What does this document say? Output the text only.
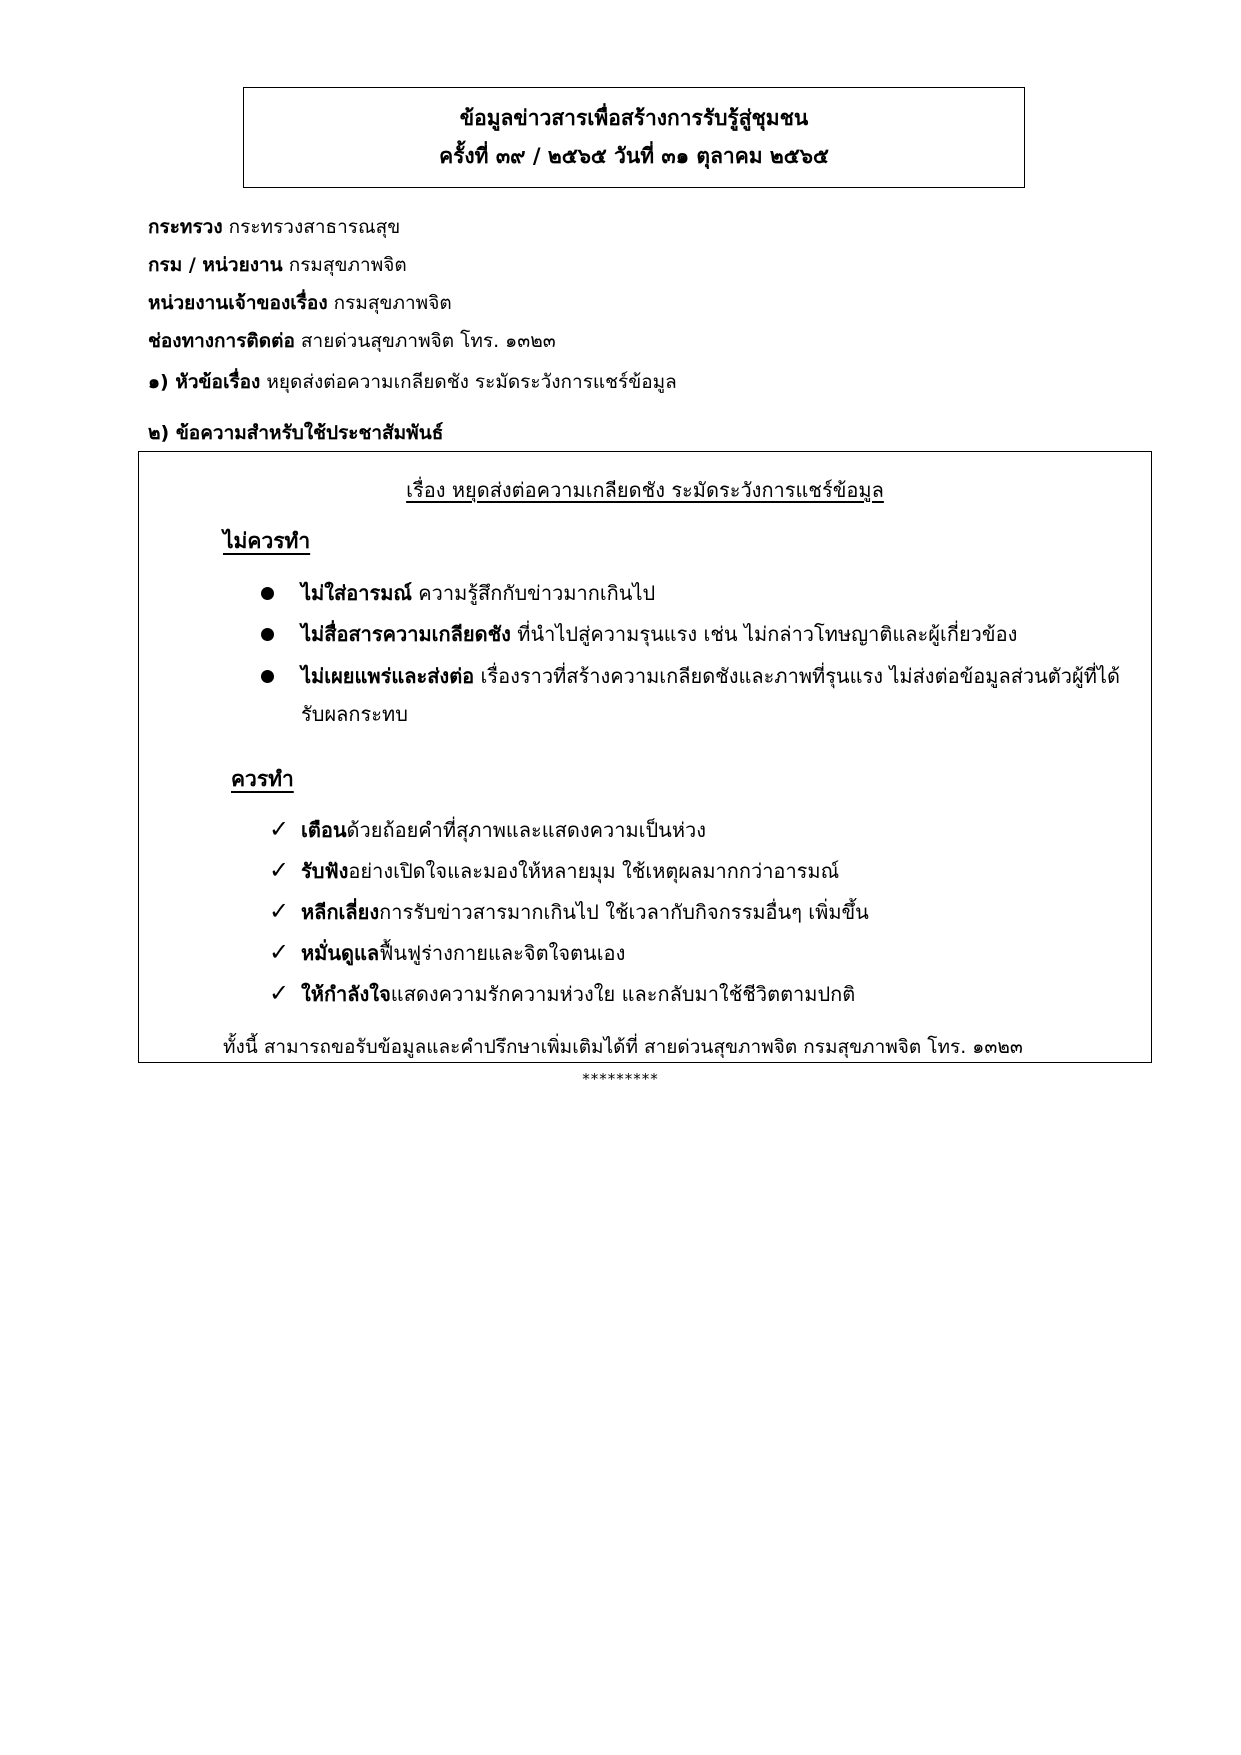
ข้อมูลข่าวสารเพื่อสร้างการรับรู้สู่ชุมชน
ครั้งที่ ๓๙ / ๒๕๖๕ วันที่ ๓๑ ตุลาคม ๒๕๖๕
กระทรวง กระทรวงสาธารณสุข
กรม / หน่วยงาน กรมสุขภาพจิต
หน่วยงานเจ้าของเรื่อง กรมสุขภาพจิต
ช่องทางการติดต่อ สายด่วนสุขภาพจิต โทร. ๑๓๒๓
๑) หัวข้อเรื่อง หยุดส่งต่อความเกลียดชัง ระมัดระวังการแชร์ข้อมูล
๒) ข้อความสำหรับใช้ประชาสัมพันธ์
เรื่อง หยุดส่งต่อความเกลียดชัง ระมัดระวังการแชร์ข้อมูล
ไม่ควรทำ
ไม่ใส่อารมณ์ ความรู้สึกกับข่าวมากเกินไป
ไม่สื่อสารความเกลียดชัง ที่นำไปสู่ความรุนแรง เช่น ไม่กล่าวโทษญาติและผู้เกี่ยวข้อง
ไม่เผยแพร่และส่งต่อ เรื่องราวที่สร้างความเกลียดชังและภาพที่รุนแรง ไม่ส่งต่อข้อมูลส่วนตัวผู้ที่ได้รับผลกระทบ
ควรทำ
✓ เตือนด้วยถ้อยคำที่สุภาพและแสดงความเป็นห่วง
✓ รับฟังอย่างเปิดใจและมองให้หลายมุม ใช้เหตุผลมากกว่าอารมณ์
✓ หลีกเลี่ยงการรับข่าวสารมากเกินไป ใช้เวลากับกิจกรรมอื่นๆ เพิ่มขึ้น
✓ หมั่นดูแลฟื้นฟูร่างกายและจิตใจตนเอง
✓ ให้กำลังใจแสดงความรักความห่วงใย และกลับมาใช้ชีวิตตามปกติ
ทั้งนี้ สามารถขอรับข้อมูลและคำปรึกษาเพิ่มเติมได้ที่ สายด่วนสุขภาพจิต กรมสุขภาพจิต โทร. ๑๓๒๓
*********
